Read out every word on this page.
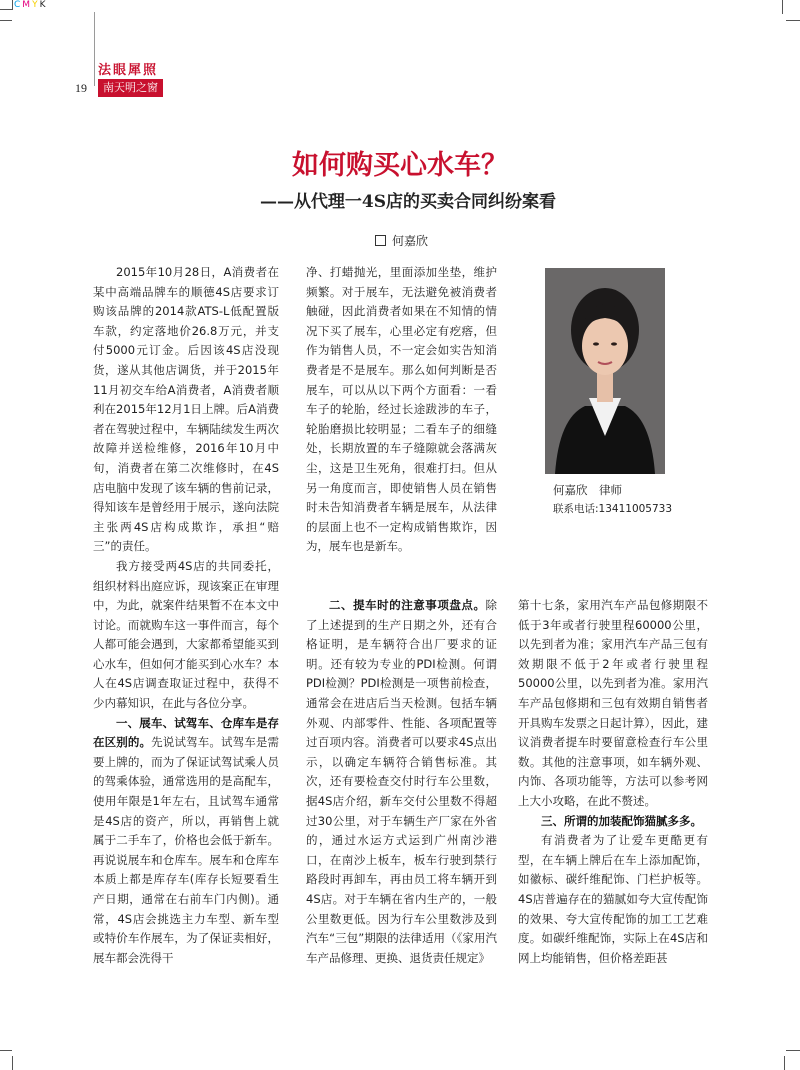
CMYK
法眼犀照
19	南天明之窗
如何购买心水车？
——从代理一4S店的买卖合同纠纷案看
何嘉欣

2015年10月28日，A消费者在某中高端品牌车的顺德4S店要求订购该品牌的2014款ATS-L低配置版车款，约定落地价26.8万元，并支付5000元订金。后因该4S店没现货，遂从其他店调货，并于2015年11月初交车给A消费者，A消费者顺利在2015年12月1日上牌。后A消费者在驾驶过程中，车辆陆续发生两次故障并送检维修，2016年10月中旬，消费者在第二次维修时，在4S店电脑中发现了该车辆的售前记录，得知该车是曾经用于展示，遂向法院主张两4S店构成欺诈，承担“赔三”的责任。

我方接受两4S店的共同委托，组织材料出庭应诉，现该案正在审理中，为此，就案件结果暂不在本文中讨论。而就购车这一事件而言，每个人都可能会遇到，大家都希望能买到心水车，但如何才能买到心水车？本人在4S店调查取证过程中，获得不少内幕知识，在此与各位分享。

一、展车、试驾车、仓库车是存在区别的。先说试驾车。试驾车是需要上牌的，而为了保证试驾试乘人员的驾乘体验，通常选用的是高配车，使用年限是1年左右，且试驾车通常是4S店的资产，所以，再销售上就属于二手车了，价格也会低于新车。再说说展车和仓库车。展车和仓库车本质上都是库存车(库存长短要看生产日期，通常在右前车门内侧)。通常，4S店会挑选主力车型、新车型或特价车作展车，为了保证卖相好，展车都会洗得干

净、打蜡抛光，里面添加坐垫，维护频繁。对于展车，无法避免被消费者触碰，因此消费者如果在不知情的情况下买了展车，心里必定有疙瘩，但作为销售人员，不一定会如实告知消费者是不是展车。那么如何判断是否展车，可以从以下两个方面看：一看车子的轮胎，经过长途跋涉的车子，轮胎磨损比较明显；二看车子的细缝处，长期放置的车子缝隙就会落满灰尘，这是卫生死角，很难打扫。但从另一角度而言，即使销售人员在销售时未告知消费者车辆是展车，从法律的层面上也不一定构成销售欺诈，因为，展车也是新车。

二、提车时的注意事项盘点。除了上述提到的生产日期之外，还有合格证明，是车辆符合出厂要求的证明。还有较为专业的PDI检测。何谓PDI检测？PDI检测是一项售前检查，通常会在进店后当天检测。包括车辆外观、内部零件、性能、各项配置等过百项内容。消费者可以要求4S点出示，以确定车辆符合销售标准。其次，还有要检查交付时行车公里数，据4S店介绍，新车交付公里数不得超过30公里，对于车辆生产厂家在外省的，通过水运方式运到广州南沙港口，在南沙上板车，板车行驶到禁行路段时再卸车，再由员工将车辆开到4S店。对于车辆在省内生产的，一般公里数更低。因为行车公里数涉及到汽车“三包”期限的法律适用（《家用汽车产品修理、更换、退货责任规定》

何嘉欣　律师
联系电话:13411005733

第十七条，家用汽车产品包修期限不低于3年或者行驶里程60000公里，以先到者为准；家用汽车产品三包有效期限不低于2年或者行驶里程50000公里，以先到者为准。家用汽车产品包修期和三包有效期自销售者开具购车发票之日起计算），因此，建议消费者提车时要留意检查行车公里数。其他的注意事项，如车辆外观、内饰、各项功能等，方法可以参考网上大小攻略，在此不赘述。

三、所谓的加装配饰猫腻多多。

有消费者为了让爱车更酷更有型，在车辆上牌后在车上添加配饰，如徽标、碳纤维配饰、门栏护板等。4S店普遍存在的猫腻如夸大宣传配饰的效果、夸大宣传配饰的加工工艺难度。如碳纤维配饰，实际上在4S店和网上均能销售，但价格差距甚
